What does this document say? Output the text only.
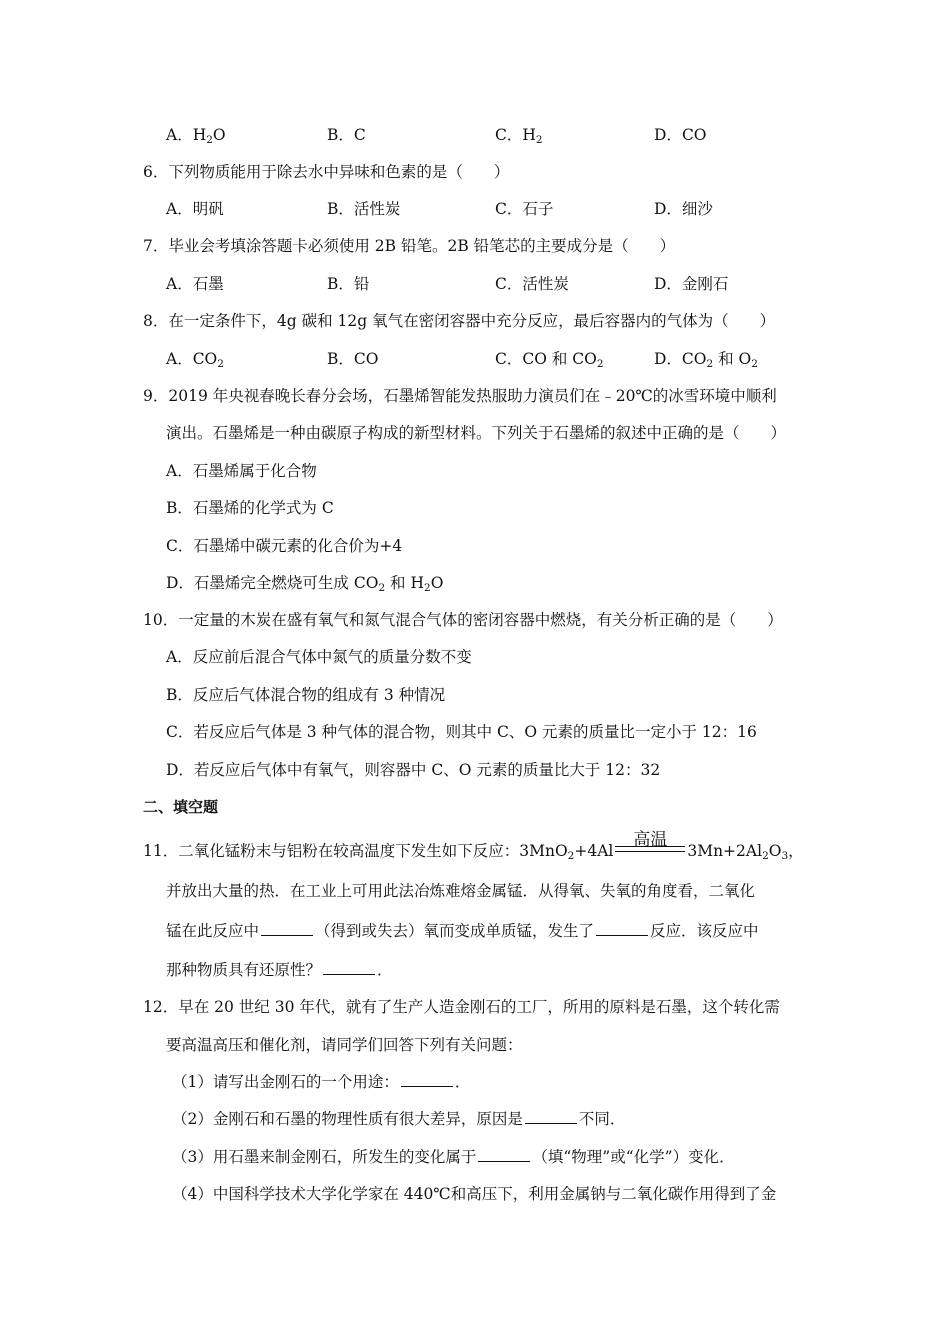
A．$H_2O$	B．C	C．$H_2$	D．CO
6．下列物质能用于除去水中异味和色素的是（　　）
A．明矾	B．活性炭	C．石子	D．细沙
7．毕业会考填涂答题卡必须使用 2B 铅笔。2B 铅笔芯的主要成分是（　　）
A．石墨	B．铅	C．活性炭	D．金刚石
8．在一定条件下，4g 碳和 12g 氧气在密闭容器中充分反应，最后容器内的气体为（　　）
A．$CO_2$	B．CO	C．CO 和 $CO_2$	D．$CO_2$ 和 $O_2$
9．2019 年央视春晚长春分会场，石墨烯智能发热服助力演员们在﹣20℃的冰雪环境中顺利
演出。石墨烯是一种由碳原子构成的新型材料。下列关于石墨烯的叙述中正确的是（　　）
A．石墨烯属于化合物
B．石墨烯的化学式为 C
C．石墨烯中碳元素的化合价为+4
D．石墨烯完全燃烧可生成 $CO_2$ 和 $H_2O$
10．一定量的木炭在盛有氧气和氮气混合气体的密闭容器中燃烧，有关分析正确的是（　　）
A．反应前后混合气体中氮气的质量分数不变
B．反应后气体混合物的组成有 3 种情况
C．若反应后气体是 3 种气体的混合物，则其中 C、O 元素的质量比一定小于 12：16
D．若反应后气体中有氧气，则容器中 C、O 元素的质量比大于 12：32
二、填空题
11．二氧化锰粉末与铝粉在较高温度下发生如下反应：3MnO$_2$+4Al
高温
$3Mn+2Al_2O_3$，
并放出大量的热．在工业上可用此法冶炼难熔金属锰．从得氧、失氧的角度看，二氧化
锰在此反应中	（得到或失去）氧而变成单质锰，发生了	反应．该反应中
那种物质具有还原性？	．
12．早在 20 世纪 30 年代，就有了生产人造金刚石的工厂，所用的原料是石墨，这个转化需
要高温高压和催化剂，请同学们回答下列有关问题：
（1）请写出金刚石的一个用途：	．
（2）金刚石和石墨的物理性质有很大差异，原因是	不同．
（3）用石墨来制金刚石，所发生的变化属于	（填“物理”或“化学”）变化．
（4）中国科学技术大学化学家在 440℃和高压下，利用金属钠与二氧化碳作用得到了金
